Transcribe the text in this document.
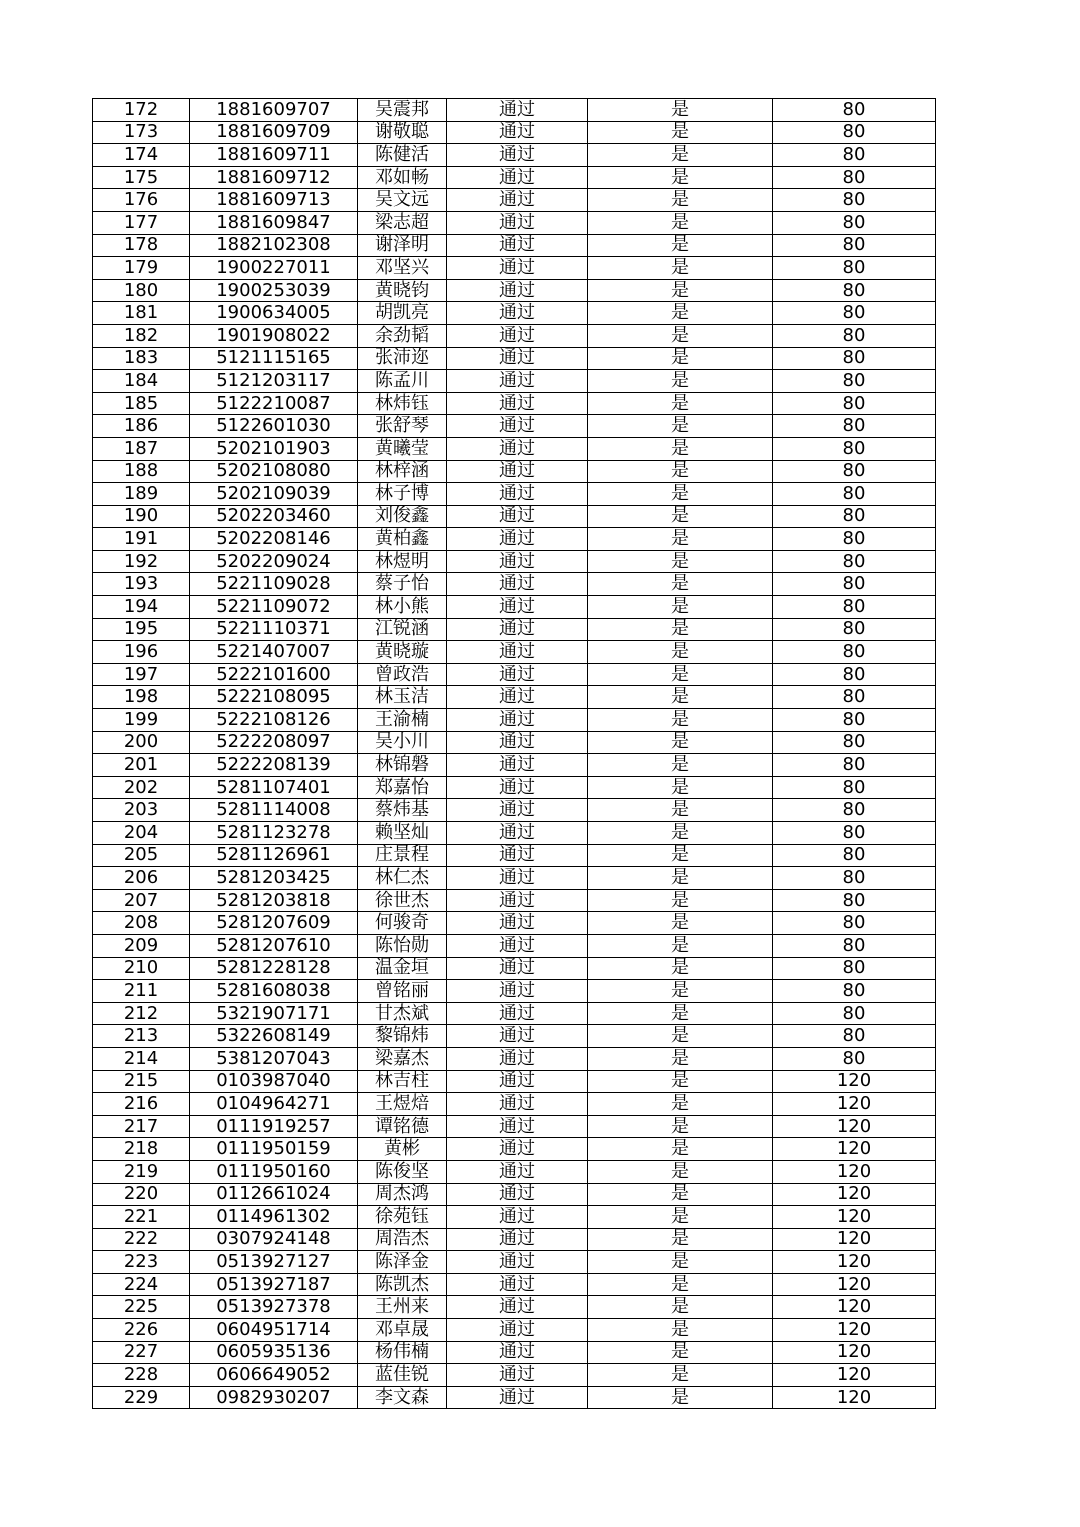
172	1881609707	吴震邦	通过	是	80
173	1881609709	谢敬聪	通过	是	80
174	1881609711	陈健活	通过	是	80
175	1881609712	邓如畅	通过	是	80
176	1881609713	吴文远	通过	是	80
177	1881609847	梁志超	通过	是	80
178	1882102308	谢泽明	通过	是	80
179	1900227011	邓坚兴	通过	是	80
180	1900253039	黄晓钧	通过	是	80
181	1900634005	胡凯亮	通过	是	80
182	1901908022	余劲韬	通过	是	80
183	5121115165	张沛迩	通过	是	80
184	5121203117	陈孟川	通过	是	80
185	5122210087	林炜钰	通过	是	80
186	5122601030	张舒琴	通过	是	80
187	5202101903	黄曦莹	通过	是	80
188	5202108080	林梓涵	通过	是	80
189	5202109039	林子博	通过	是	80
190	5202203460	刘俊鑫	通过	是	80
191	5202208146	黄柏鑫	通过	是	80
192	5202209024	林煜明	通过	是	80
193	5221109028	蔡子怡	通过	是	80
194	5221109072	林小熊	通过	是	80
195	5221110371	江锐涵	通过	是	80
196	5221407007	黄晓璇	通过	是	80
197	5222101600	曾政浩	通过	是	80
198	5222108095	林玉洁	通过	是	80
199	5222108126	王渝楠	通过	是	80
200	5222208097	吴小川	通过	是	80
201	5222208139	林锦磐	通过	是	80
202	5281107401	郑嘉怡	通过	是	80
203	5281114008	蔡炜基	通过	是	80
204	5281123278	赖坚灿	通过	是	80
205	5281126961	庄景程	通过	是	80
206	5281203425	林仁杰	通过	是	80
207	5281203818	徐世杰	通过	是	80
208	5281207609	何骏奇	通过	是	80
209	5281207610	陈怡勋	通过	是	80
210	5281228128	温金垣	通过	是	80
211	5281608038	曾铭丽	通过	是	80
212	5321907171	甘杰斌	通过	是	80
213	5322608149	黎锦炜	通过	是	80
214	5381207043	梁嘉杰	通过	是	80
215	0103987040	林吉柱	通过	是	120
216	0104964271	王煜焙	通过	是	120
217	0111919257	谭铭德	通过	是	120
218	0111950159	黄彬	通过	是	120
219	0111950160	陈俊坚	通过	是	120
220	0112661024	周杰鸿	通过	是	120
221	0114961302	徐苑钰	通过	是	120
222	0307924148	周浩杰	通过	是	120
223	0513927127	陈泽金	通过	是	120
224	0513927187	陈凯杰	通过	是	120
225	0513927378	王州来	通过	是	120
226	0604951714	邓卓晟	通过	是	120
227	0605935136	杨伟楠	通过	是	120
228	0606649052	蓝佳锐	通过	是	120
229	0982930207	李文森	通过	是	120
